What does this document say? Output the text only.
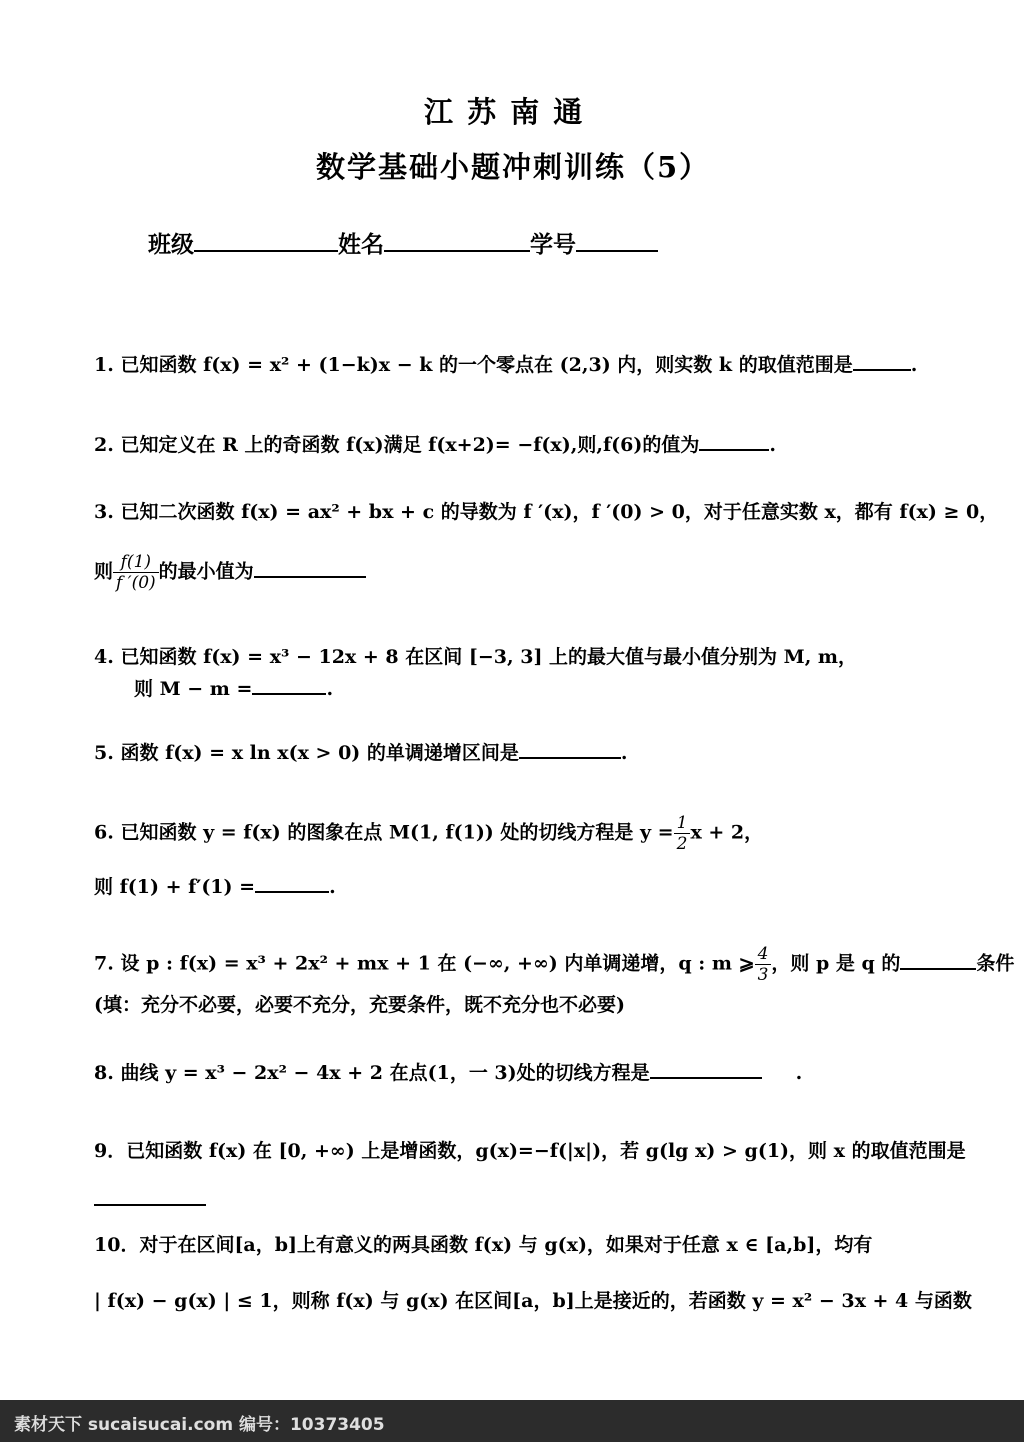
江 苏 南 通
数学基础小题冲刺训练（5）
班级	姓名	学号
1. 已知函数 f(x) = x² + (1−k)x − k 的一个零点在 (2,3) 内，则实数 k 的取值范围是	.
2. 已知定义在 R 上的奇函数 f(x)满足 f(x+2)= −f(x),则,f(6)的值为	.
3. 已知二次函数 f(x) = ax² + bx + c 的导数为 f ′(x)，f ′(0) > 0，对于任意实数 x，都有 f(x) ≥ 0，
则 $\frac{f(1)}{f '(0)}$ 的最小值为
4. 已知函数 f(x) = x³ − 12x + 8 在区间 [−3, 3] 上的最大值与最小值分别为 M, m，
则 M − m =	.
5. 函数 f(x) = x ln x(x > 0) 的单调递增区间是	.
6. 已知函数 y = f(x) 的图象在点 M(1, f(1)) 处的切线方程是 $y = \frac{1}{2}$ x + 2，
则 f(1) + f′(1) =	.
7. 设 p : f(x) = x³ + 2x² + mx + 1 在 (−∞, +∞) 内单调递增，q : m ⩾ $\frac{4}{3}$ ，则 p 是 q 的	条件
(填：充分不必要，必要不充分，充要条件，既不充分也不必要)
8. 曲线 y = x³ − 2x² − 4x + 2 在点(1，一 3)处的切线方程是	.
9．已知函数 f(x) 在 [0, +∞) 上是增函数，g(x)=−f(|x|)，若 g(lg x) > g(1)，则 x 的取值范围是
10．对于在区间[a，b]上有意义的两具函数 f(x) 与 g(x)，如果对于任意 x ∈ [a,b]，均有
| f(x) − g(x) | ≤ 1，则称 f(x) 与 g(x) 在区间[a，b]上是接近的，若函数 y = x² − 3x + 4 与函数
素材天下 sucaisucai.com 编号：10373405
